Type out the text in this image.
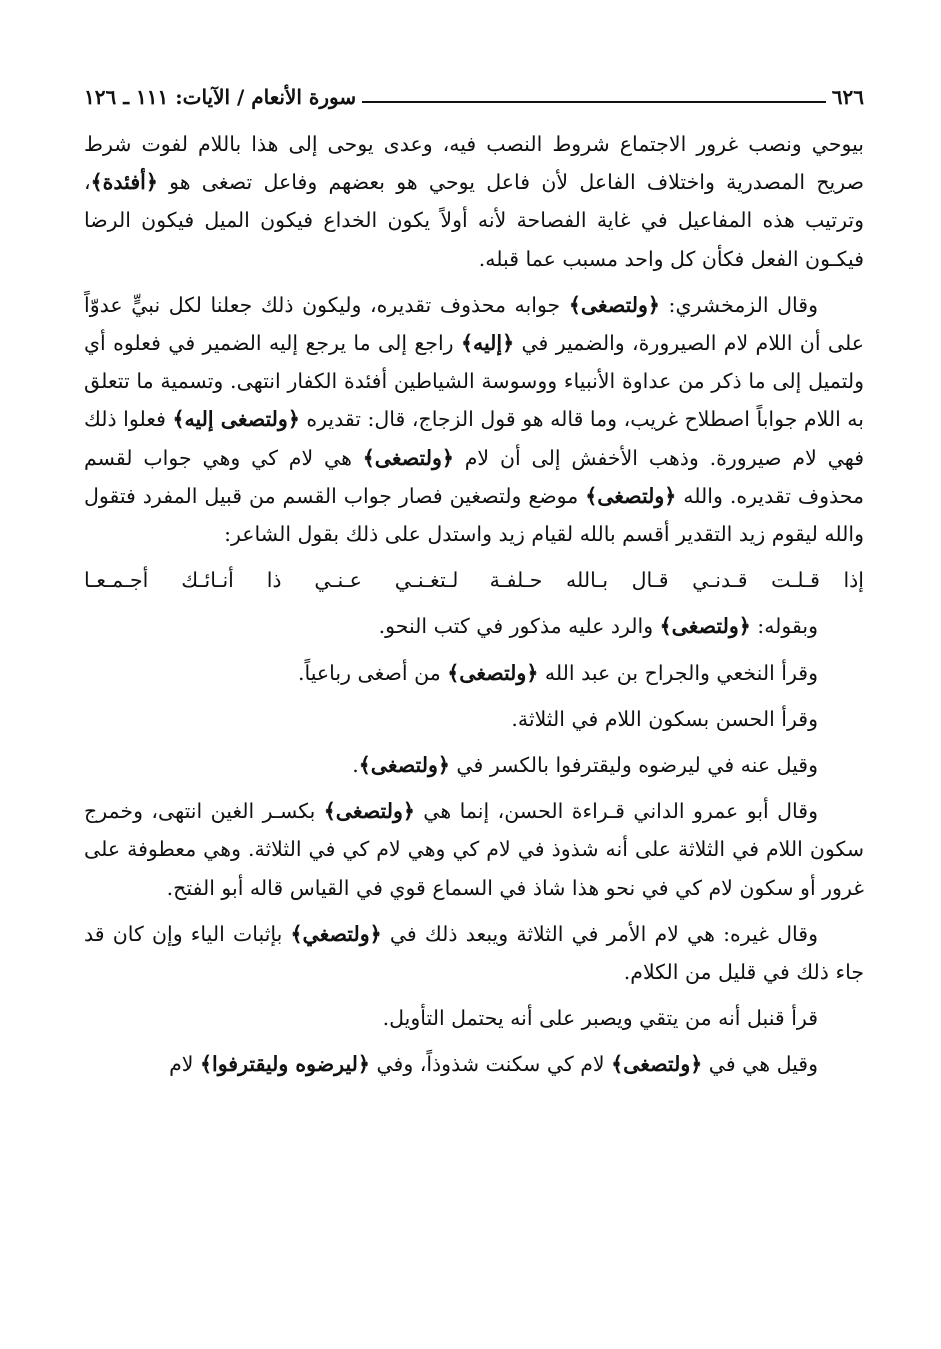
٦٢٦
سورة الأنعام / الآيات: ١١١ ـ ١٢٦

بيوحي ونصب غرور الاجتماع شروط النصب فيه، وعدى يوحى إلى هذا باللام لفوت شرط صريح المصدرية واختلاف الفاعل لأن فاعل يوحي هو بعضهم وفاعل تصغى هو ﴿أفئدة﴾، وترتيب هذه المفاعيل في غاية الفصاحة لأنه أولاً يكون الخداع فيكون الميل فيكون الرضا فيكـون الفعل فكأن كل واحد مسبب عما قبله.

وقال الزمخشري: ﴿ولتصغى﴾ جوابه محذوف تقديره، وليكون ذلك جعلنا لكل نبيٍّ عدوّاً على أن اللام لام الصيرورة، والضمير في ﴿إليه﴾ راجع إلى ما يرجع إليه الضمير في فعلوه أي ولتميل إلى ما ذكر من عداوة الأنبياء ووسوسة الشياطين أفئدة الكفار انتهى. وتسمية ما تتعلق به اللام جواباً اصطلاح غريب، وما قاله هو قول الزجاج، قال: تقديره ﴿ولتصغى إليه﴾ فعلوا ذلك فهي لام صيرورة. وذهب الأخفش إلى أن لام ﴿ولتصغى﴾ هي لام كي وهي جواب لقسم محذوف تقديره. والله ﴿ولتصغى﴾ موضع ولتصغين فصار جواب القسم من قبيل المفرد فتقول والله ليقوم زيد التقدير أقسم بالله لقيام زيد واستدل على ذلك بقول الشاعر:

إذا قـلـت قـدنـي قـال بـالله حـلفـة
لـتغـنـي عـنـي ذا أنـائـك أجـمـعـا

وبقوله: ﴿ولتصغى﴾ والرد عليه مذكور في كتب النحو.

وقرأ النخعي والجراح بن عبد الله ﴿ولتصغى﴾ من أصغى رباعياً.

وقرأ الحسن بسكون اللام في الثلاثة.

وقيل عنه في ليرضوه وليقترفوا بالكسر في ﴿ولتصغى﴾.

وقال أبو عمرو الداني قـراءة الحسن، إنما هي ﴿ولتصغى﴾ بكسـر الغين انتهى، وخمرج سكون اللام في الثلاثة على أنه شذوذ في لام كي وهي لام كي في الثلاثة. وهي معطوفة على غرور أو سكون لام كي في نحو هذا شاذ في السماع قوي في القياس قاله أبو الفتح.

وقال غيره: هي لام الأمر في الثلاثة ويبعد ذلك في ﴿ولتصغي﴾ بإثبات الياء وإن كان قد جاء ذلك في قليل من الكلام.

قرأ قنبل أنه من يتقي ويصبر على أنه يحتمل التأويل.

وقيل هي في ﴿ولتصغى﴾ لام كي سكنت شذوذاً، وفي ﴿ليرضوه وليقترفوا﴾ لام
